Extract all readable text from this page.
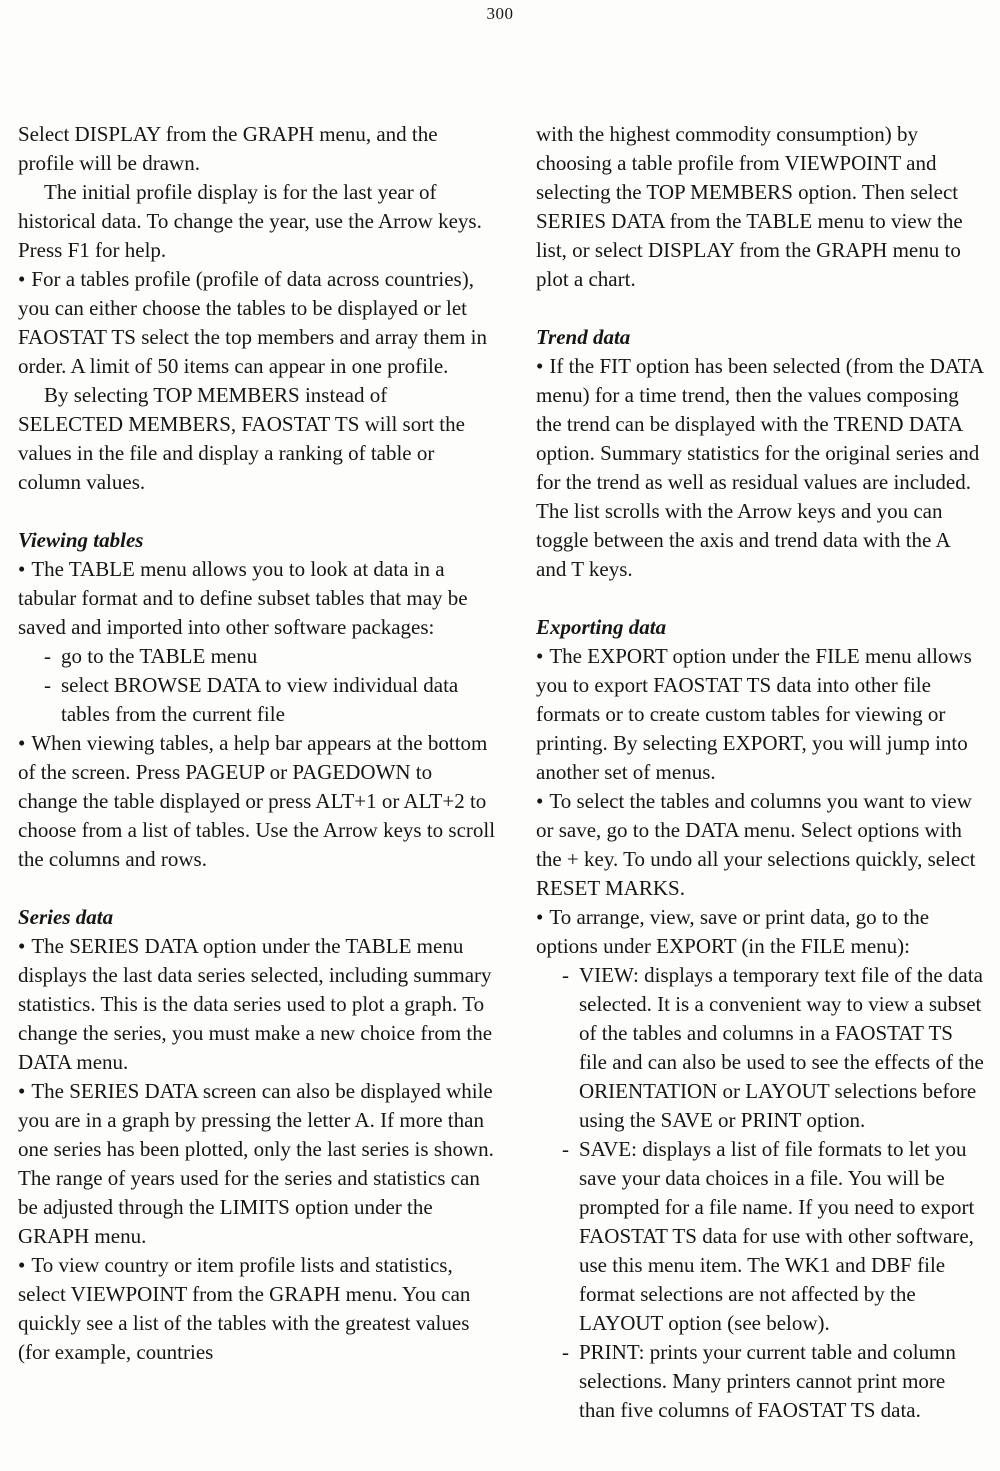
300

Select DISPLAY from the GRAPH menu, and the profile will be drawn.

The initial profile display is for the last year of historical data. To change the year, use the Arrow keys. Press F1 for help.

• For a tables profile (profile of data across countries), you can either choose the tables to be displayed or let FAOSTAT TS select the top members and array them in order. A limit of 50 items can appear in one profile.

By selecting TOP MEMBERS instead of SELECTED MEMBERS, FAOSTAT TS will sort the values in the file and display a ranking of table or column values.

Viewing tables

• The TABLE menu allows you to look at data in a tabular format and to define subset tables that may be saved and imported into other software packages:

- go to the TABLE menu

- select BROWSE DATA to view individual data tables from the current file

• When viewing tables, a help bar appears at the bottom of the screen. Press PAGEUP or PAGEDOWN to change the table displayed or press ALT+1 or ALT+2 to choose from a list of tables. Use the Arrow keys to scroll the columns and rows.

Series data

• The SERIES DATA option under the TABLE menu displays the last data series selected, including summary statistics. This is the data series used to plot a graph. To change the series, you must make a new choice from the DATA menu.

• The SERIES DATA screen can also be displayed while you are in a graph by pressing the letter A. If more than one series has been plotted, only the last series is shown. The range of years used for the series and statistics can be adjusted through the LIMITS option under the GRAPH menu.

• To view country or item profile lists and statistics, select VIEWPOINT from the GRAPH menu. You can quickly see a list of the tables with the greatest values (for example, countries

with the highest commodity consumption) by choosing a table profile from VIEWPOINT and selecting the TOP MEMBERS option. Then select SERIES DATA from the TABLE menu to view the list, or select DISPLAY from the GRAPH menu to plot a chart.

Trend data

• If the FIT option has been selected (from the DATA menu) for a time trend, then the values composing the trend can be displayed with the TREND DATA option. Summary statistics for the original series and for the trend as well as residual values are included. The list scrolls with the Arrow keys and you can toggle between the axis and trend data with the A and T keys.

Exporting data

• The EXPORT option under the FILE menu allows you to export FAOSTAT TS data into other file formats or to create custom tables for viewing or printing. By selecting EXPORT, you will jump into another set of menus.

• To select the tables and columns you want to view or save, go to the DATA menu. Select options with the + key. To undo all your selections quickly, select RESET MARKS.

• To arrange, view, save or print data, go to the options under EXPORT (in the FILE menu):

- VIEW: displays a temporary text file of the data selected. It is a convenient way to view a subset of the tables and columns in a FAOSTAT TS file and can also be used to see the effects of the ORIENTATION or LAYOUT selections before using the SAVE or PRINT option.

- SAVE: displays a list of file formats to let you save your data choices in a file. You will be prompted for a file name. If you need to export FAOSTAT TS data for use with other software, use this menu item. The WK1 and DBF file format selections are not affected by the LAYOUT option (see below).

- PRINT: prints your current table and column selections. Many printers cannot print more than five columns of FAOSTAT TS data.
